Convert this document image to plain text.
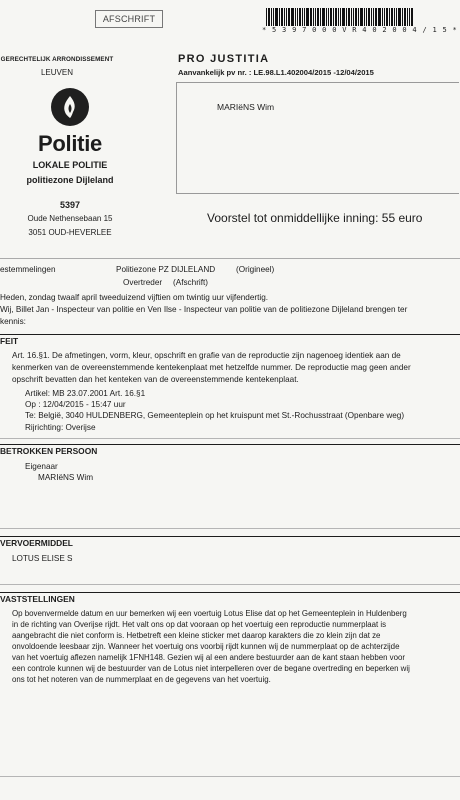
AFSCHRIFT
* 5 3 9 7 0 0 0 V R 4 0 2 0 0 4 / 1 5 *
GERECHTELIJK ARRONDISSEMENT
LEUVEN
Politie
LOKALE POLITIE
politiezone Dijleland
5397
Oude Nethensebaan 15
3051 OUD-HEVERLEE
PRO JUSTITIA
Aanvankelijk pv nr. : LE.98.L1.402004/2015 -12/04/2015
MARIëNS Wim
Voorstel tot onmiddellijke inning: 55 euro
estemmelingen	Politiezone PZ DIJLELAND	(Origineel)
Overtreder (Afschrift)
Heden, zondag twaalf april tweeduizend vijftien om twintig uur vijfendertig.
Wij, Billet Jan - Inspecteur van politie en Ven Ilse - Inspecteur van politie van de politiezone Dijleland brengen ter
kennis:
FEIT
Art. 16.§1. De afmetingen, vorm, kleur, opschrift en grafie van de reproductie zijn nagenoeg identiek aan de
kenmerken van de overeenstemmende kentekenplaat met hetzelfde nummer. De reproductie mag geen ander
opschrift bevatten dan het kenteken van de overeenstemmende kentekenplaat.
Artikel: MB 23.07.2001 Art. 16.§1
Op : 12/04/2015 - 15:47 uur
Te: België, 3040 HULDENBERG, Gemeenteplein op het kruispunt met St.-Rochusstraat (Openbare weg)
Rijrichting: Overijse
BETROKKEN PERSOON
Eigenaar
MARIëNS Wim
VERVOERMIDDEL
LOTUS ELISE S
VASTSTELLINGEN
Op bovenvermelde datum en uur bemerken wij een voertuig Lotus Elise dat op het Gemeenteplein in Huldenberg
in de richting van Overijse rijdt. Het valt ons op dat vooraan op het voertuig een reproductie nummerplaat is
aangebracht die niet conform is. Hetbetreft een kleine sticker met daarop karakters die zo klein zijn dat ze
onvoldoende leesbaar zijn. Wanneer het voertuig ons voorbij rijdt kunnen wij de nummerplaat op de achterzijde
van het voertuig aflezen namelijk 1FNH148. Gezien wij al een andere bestuurder aan de kant staan hebben voor
een controle kunnen wij de bestuurder van de Lotus niet interpelleren over de begane overtreding en beperken wij
ons tot het noteren van de nummerplaat en de gegevens van het voertuig.
